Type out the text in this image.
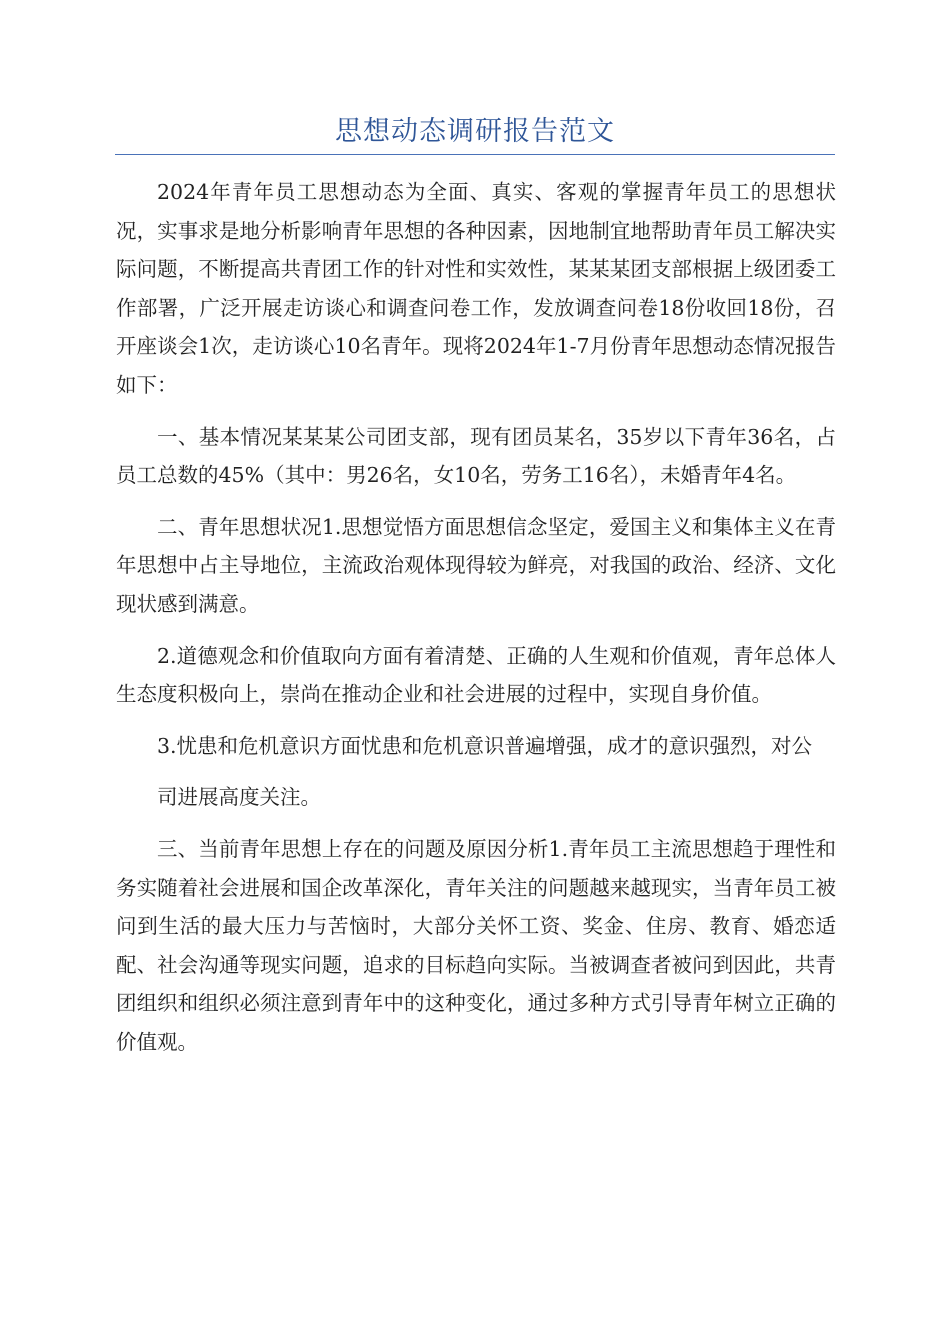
思想动态调研报告范文

2024年青年员工思想动态为全面、真实、客观的掌握青年员工的思想状况，实事求是地分析影响青年思想的各种因素，因地制宜地帮助青年员工解决实际问题，不断提高共青团工作的针对性和实效性，某某某团支部根据上级团委工作部署，广泛开展走访谈心和调查问卷工作，发放调查问卷18份收回18份，召开座谈会1次，走访谈心10名青年。现将2024年1-7月份青年思想动态情况报告如下：

一、基本情况某某某公司团支部，现有团员某名，35岁以下青年36名，占员工总数的45%（其中：男26名，女10名，劳务工16名），未婚青年4名。

二、青年思想状况1.思想觉悟方面思想信念坚定，爱国主义和集体主义在青年思想中占主导地位，主流政治观体现得较为鲜亮，对我国的政治、经济、文化现状感到满意。

2.道德观念和价值取向方面有着清楚、正确的人生观和价值观，青年总体人生态度积极向上，崇尚在推动企业和社会进展的过程中，实现自身价值。

3.忧患和危机意识方面忧患和危机意识普遍增强，成才的意识强烈，对公

司进展高度关注。

三、当前青年思想上存在的问题及原因分析1.青年员工主流思想趋于理性和务实随着社会进展和国企改革深化，青年关注的问题越来越现实，当青年员工被问到生活的最大压力与苦恼时，大部分关怀工资、奖金、住房、教育、婚恋适配、社会沟通等现实问题，追求的目标趋向实际。当被调查者被问到因此，共青团组织和组织必须注意到青年中的这种变化，通过多种方式引导青年树立正确的价值观。
